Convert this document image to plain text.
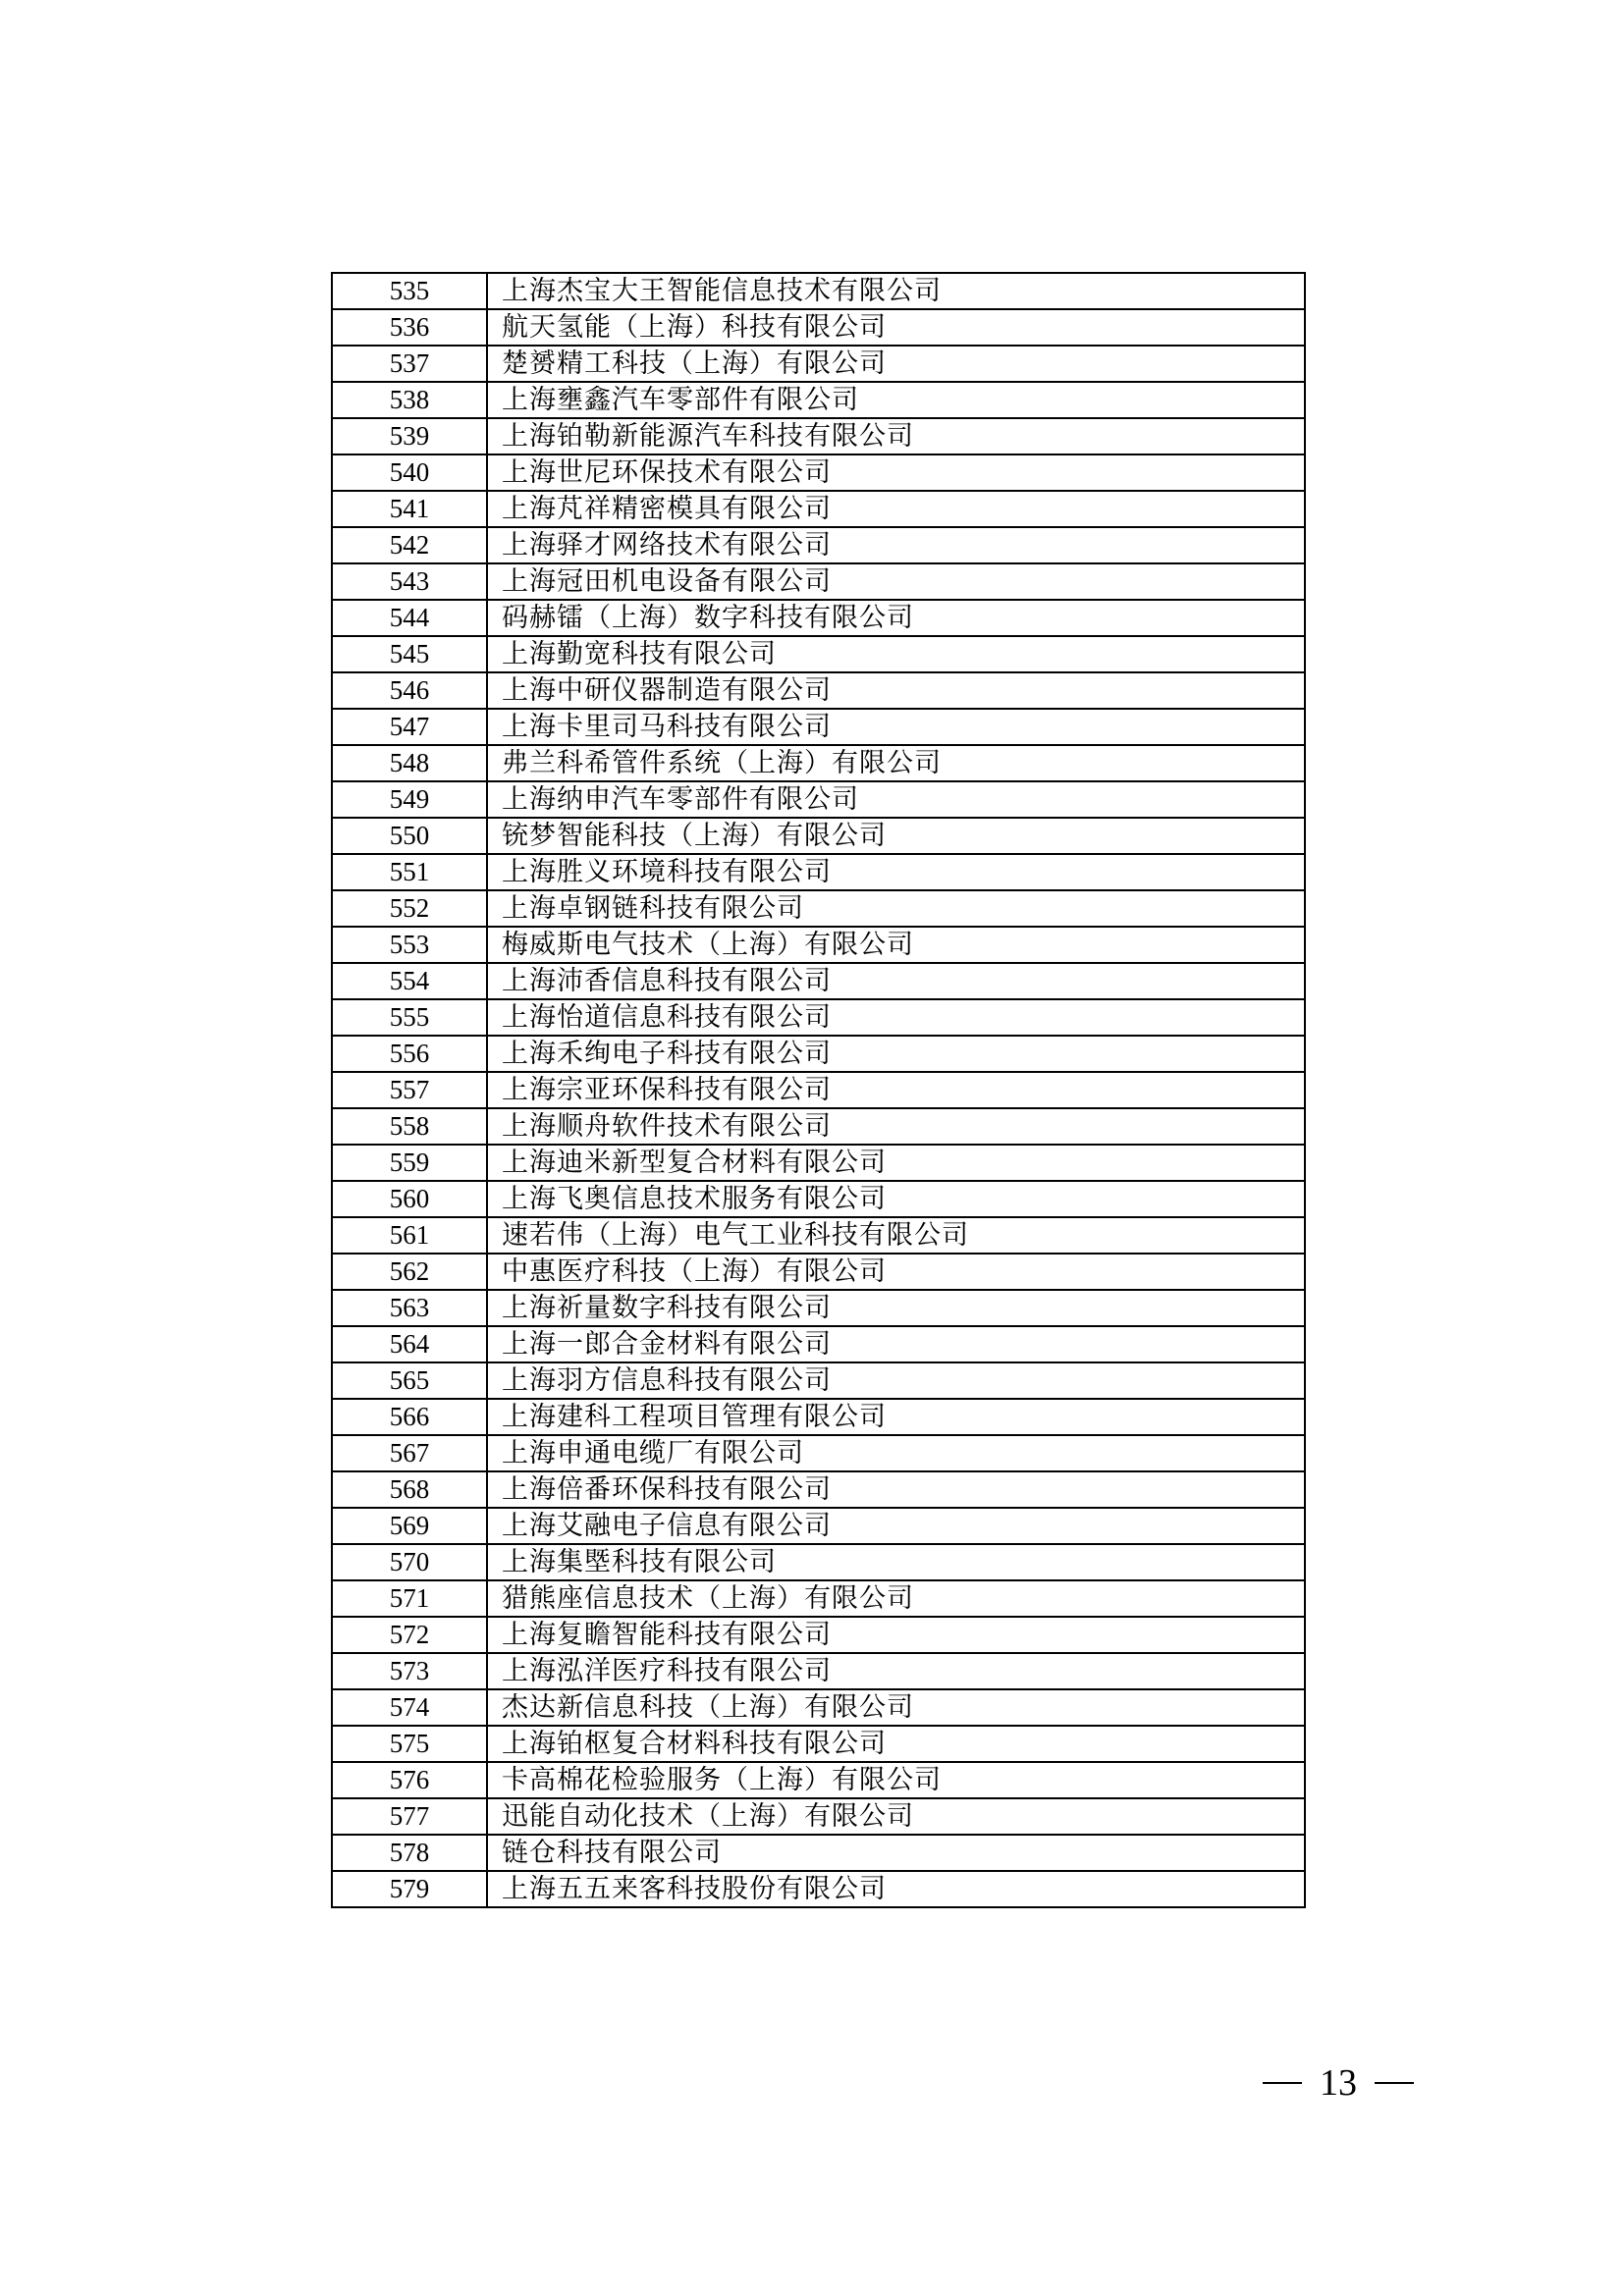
535	上海杰宝大王智能信息技术有限公司
536	航天氢能（上海）科技有限公司
537	楚赟精工科技（上海）有限公司
538	上海壅鑫汽车零部件有限公司
539	上海铂勒新能源汽车科技有限公司
540	上海世尼环保技术有限公司
541	上海芃祥精密模具有限公司
542	上海驿才网络技术有限公司
543	上海冠田机电设备有限公司
544	码赫镭（上海）数字科技有限公司
545	上海勤宽科技有限公司
546	上海中研仪器制造有限公司
547	上海卡里司马科技有限公司
548	弗兰科希管件系统（上海）有限公司
549	上海纳申汽车零部件有限公司
550	铳梦智能科技（上海）有限公司
551	上海胜义环境科技有限公司
552	上海卓钢链科技有限公司
553	梅威斯电气技术（上海）有限公司
554	上海沛香信息科技有限公司
555	上海怡道信息科技有限公司
556	上海禾绚电子科技有限公司
557	上海宗亚环保科技有限公司
558	上海顺舟软件技术有限公司
559	上海迪米新型复合材料有限公司
560	上海飞奥信息技术服务有限公司
561	速若伟（上海）电气工业科技有限公司
562	中惠医疗科技（上海）有限公司
563	上海祈量数字科技有限公司
564	上海一郎合金材料有限公司
565	上海羽方信息科技有限公司
566	上海建科工程项目管理有限公司
567	上海申通电缆厂有限公司
568	上海倍番环保科技有限公司
569	上海艾融电子信息有限公司
570	上海集塈科技有限公司
571	猎熊座信息技术（上海）有限公司
572	上海复瞻智能科技有限公司
573	上海泓洋医疗科技有限公司
574	杰达新信息科技（上海）有限公司
575	上海铂枢复合材料科技有限公司
576	卡高棉花检验服务（上海）有限公司
577	迅能自动化技术（上海）有限公司
578	链仓科技有限公司
579	上海五五来客科技股份有限公司
13
